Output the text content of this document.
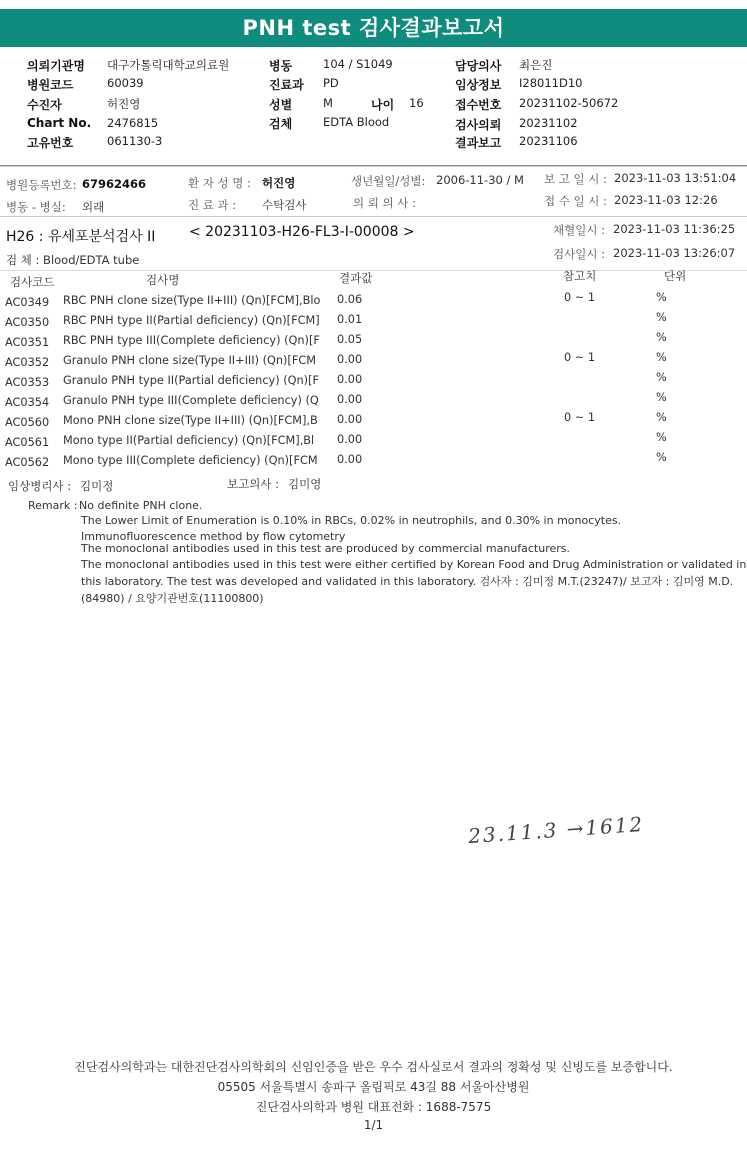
PNH test 검사결과보고서
의뢰기관명 대구가톨릭대학교의료원
병원코드	60039
수진자	허진영
Chart No. 2476815
고유번호	061130-3
병동	104 / S1049
진료과 PD
성별	M
검체	EDTA Blood
나이 16
담당의사 최은진
임상정보 I28011D10
접수번호 20231102-50672
검사의뢰 20231102
결과보고 20231106
병원등록번호: 67962466	환 자 성 명 : 허진영	생년월일/성별: 2006-11-30 / M 보 고 일 시 : 2023-11-03 13:51:04
병동 - 병실: 외래	진 료 과 : 수탁검사	의 뢰 의 사 :	접 수 일 시 : 2023-11-03 12:26
H26 : 유세포분석검사 II < 20231103-H26-FL3-I-00008 >	채혈일시 : 2023-11-03 11:36:25
검사일시 : 2023-11-03 13:26:07
검 체 : Blood/EDTA tube
검사코드	검사명	결과값	참고치	단위
AC0349 RBC PNH clone size(Type II+III) (Qn)[FCM],Blo 0.06	0 ~ 1	%
AC0350 RBC PNH type II(Partial deficiency) (Qn)[FCM] 0.01	%
AC0351 RBC PNH type III(Complete deficiency) (Qn)[F 0.05	%
AC0352 Granulo PNH clone size(Type II+III) (Qn)[FCM 0.00	0 ~ 1	%
AC0353 Granulo PNH type II(Partial deficiency) (Qn)[F 0.00	%
AC0354 Granulo PNH type III(Complete deficiency) (Q 0.00	%
AC0560 Mono PNH clone size(Type II+III) (Qn)[FCM],B 0.00	0 ~ 1	%
AC0561 Mono type II(Partial deficiency) (Qn)[FCM],Bl 0.00	%
AC0562 Mono type III(Complete deficiency) (Qn)[FCM 0.00	%
임상병리사 : 김미정	보고의사 : 김미영
Remark : No definite PNH clone.
The Lower Limit of Enumeration is 0.10% in RBCs, 0.02% in neutrophils, and 0.30% in monocytes.
Immunofluorescence method by flow cytometry
The monoclonal antibodies used in this test are produced by commercial manufacturers.
The monoclonal antibodies used in this test were either certified by Korean Food and Drug Administration or validated in
this laboratory. The test was developed and validated in this laboratory. 검사자 : 김미정 M.T.(23247)/ 보고자 : 김미영 M.D.
(84980) / 요양기관번호(11100800)
23.11.3 →1612
진단검사의학과는 대한진단검사의학회의 신임인증을 받은 우수 검사실로서 결과의 정확성 및 신빙도를 보증합니다.
05505 서울특별시 송파구 올림픽로 43길 88 서울아산병원
진단검사의학과 병원 대표전화 : 1688-7575
1/1
